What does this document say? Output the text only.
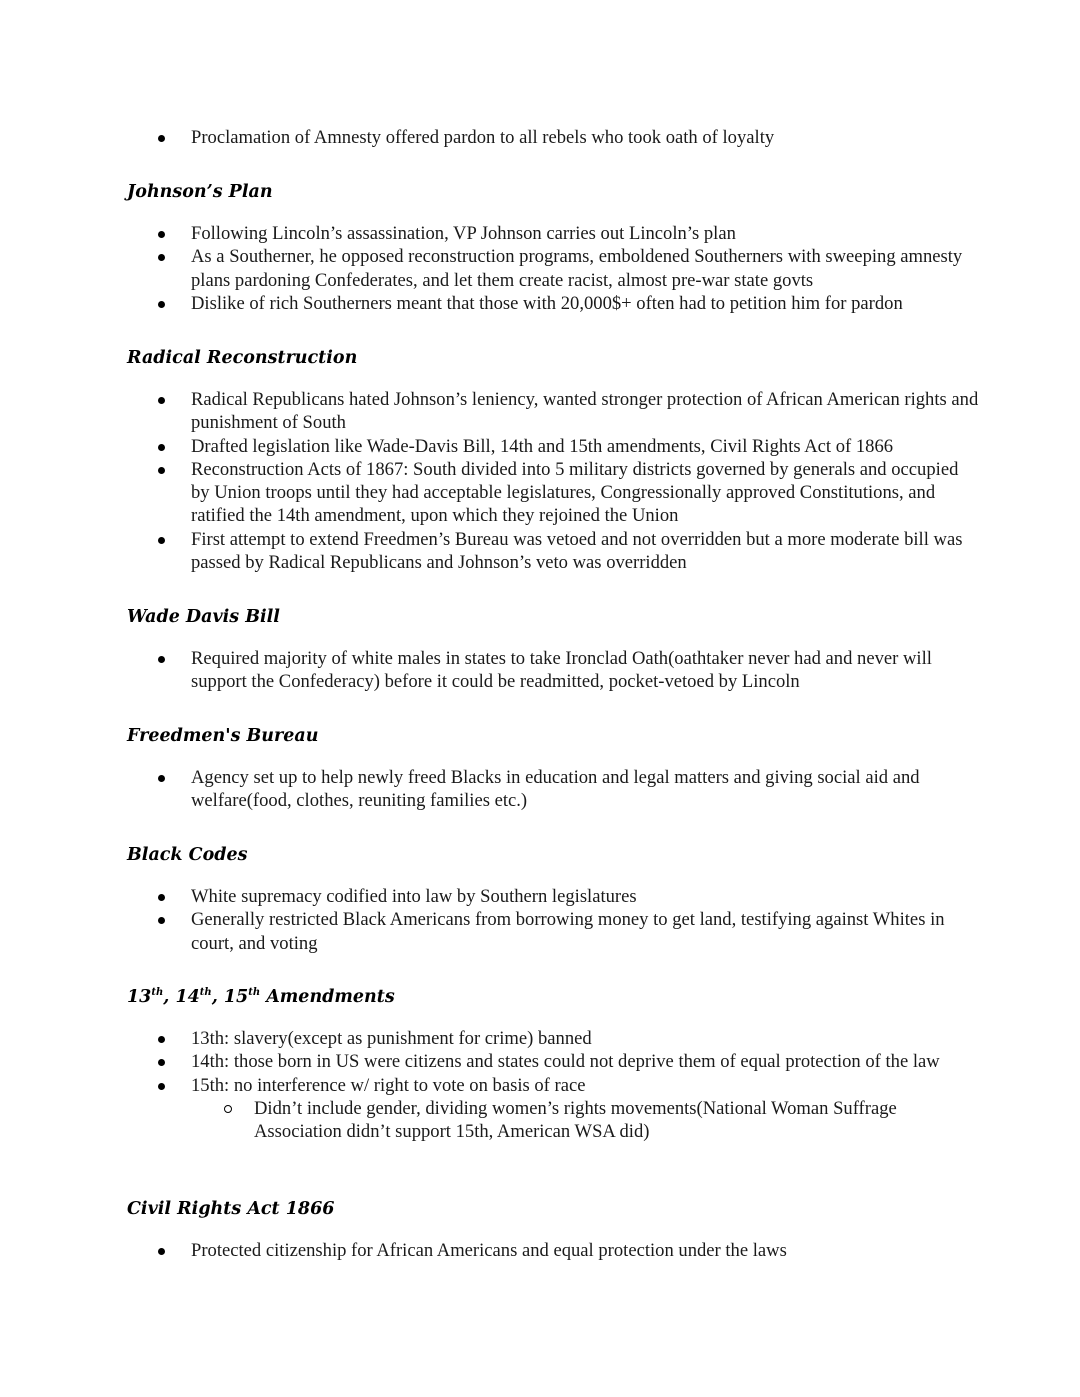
Proclamation of Amnesty offered pardon to all rebels who took oath of loyalty
Johnson’s Plan
Following Lincoln’s assassination, VP Johnson carries out Lincoln’s plan
As a Southerner, he opposed reconstruction programs, emboldened Southerners with sweeping amnesty plans pardoning Confederates, and let them create racist, almost pre-war state govts
Dislike of rich Southerners meant that those with 20,000$+ often had to petition him for pardon
Radical Reconstruction
Radical Republicans hated Johnson’s leniency, wanted stronger protection of African American rights and punishment of South
Drafted legislation like Wade-Davis Bill, 14th and 15th amendments, Civil Rights Act of 1866
Reconstruction Acts of 1867: South divided into 5 military districts governed by generals and occupied by Union troops until they had acceptable legislatures, Congressionally approved Constitutions, and ratified the 14th amendment, upon which they rejoined the Union
First attempt to extend Freedmen’s Bureau was vetoed and not overridden but a more moderate bill was passed by Radical Republicans and Johnson’s veto was overridden
Wade Davis Bill
Required majority of white males in states to take Ironclad Oath(oathtaker never had and never will support the Confederacy) before it could be readmitted, pocket-vetoed by Lincoln
Freedmen's Bureau
Agency set up to help newly freed Blacks in education and legal matters and giving social aid and welfare(food, clothes, reuniting families etc.)
Black Codes
White supremacy codified into law by Southern legislatures
Generally restricted Black Americans from borrowing money to get land, testifying against Whites in court, and voting
13th, 14th, 15th Amendments
13th: slavery(except as punishment for crime) banned
14th: those born in US were citizens and states could not deprive them of equal protection of the law
15th: no interference w/ right to vote on basis of race
Didn’t include gender, dividing women’s rights movements(National Woman Suffrage Association didn’t support 15th, American WSA did)
Civil Rights Act 1866
Protected citizenship for African Americans and equal protection under the laws
